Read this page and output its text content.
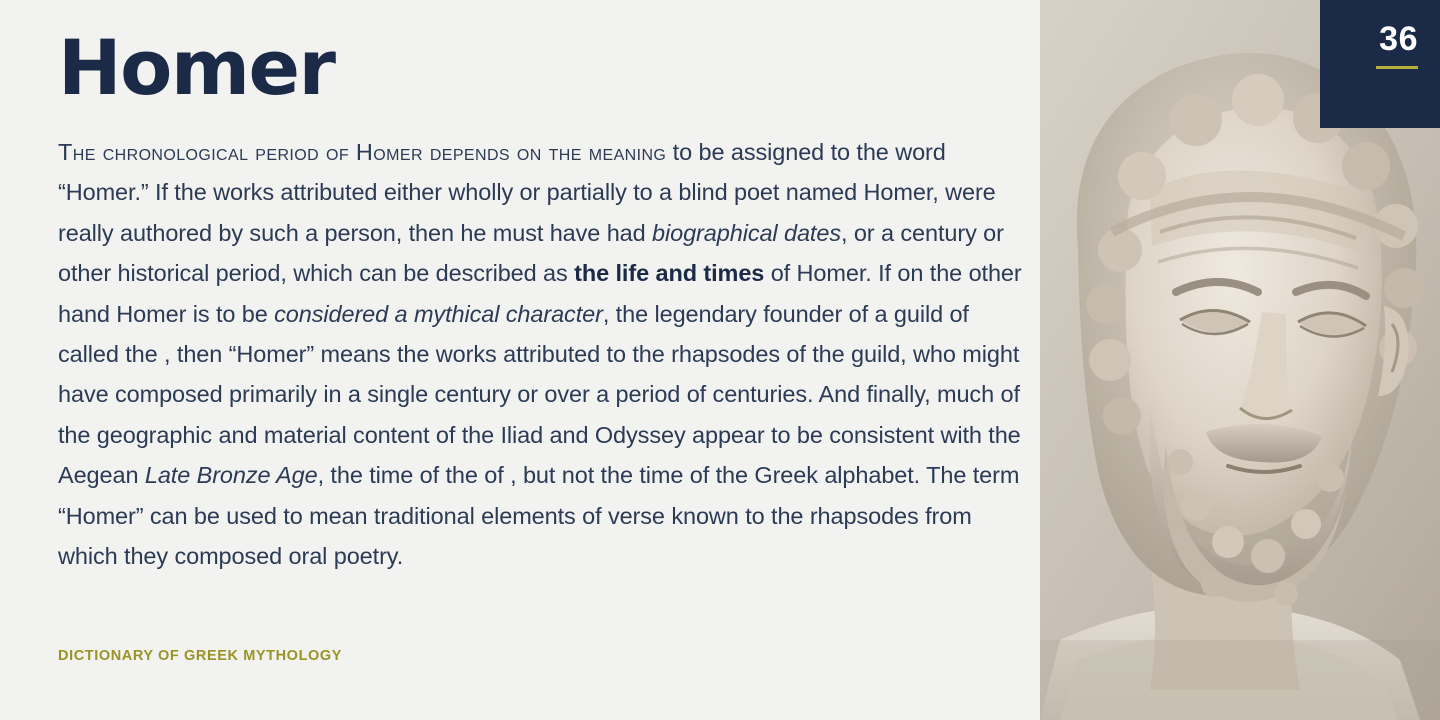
36
Homer

The chronological period of Homer depends on the meaning to be assigned to the word “Homer.” If the works attributed either wholly or partially to a blind poet named Homer, were really authored by such a person, then he must have had biographical dates, or a century or other historical period, which can be described as the life and times of Homer. If on the other hand Homer is to be considered a mythical character, the legendary founder of a guild of called the , then “Homer” means the works attributed to the rhapsodes of the guild, who might have composed primarily in a single century or over a period of centuries. And finally, much of the geographic and material content of the Iliad and Odyssey appear to be consistent with the Aegean Late Bronze Age, the time of the of , but not the time of the Greek alphabet. The term “Homer” can be used to mean traditional elements of verse known to the rhapsodes from which they composed oral poetry.

DICTIONARY OF GREEK MYTHOLOGY
